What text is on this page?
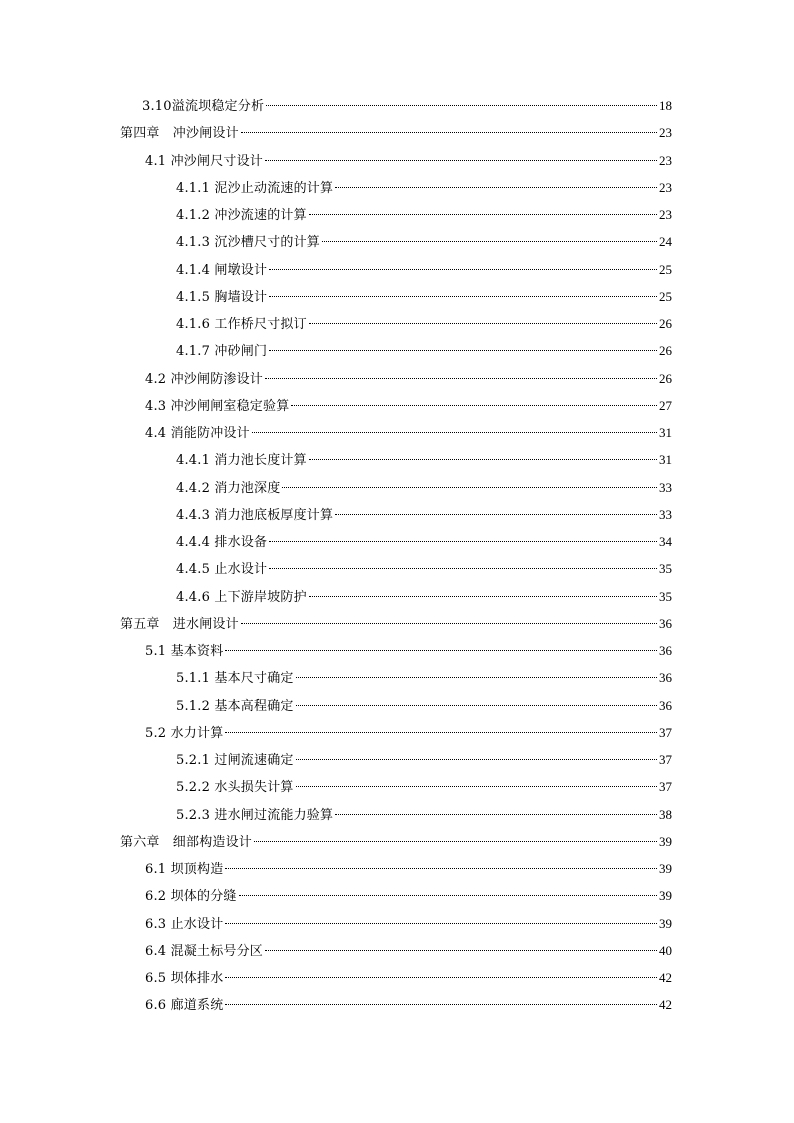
3.10溢流坝稳定分析	18
第四章　冲沙闸设计	23
4.1 冲沙闸尺寸设计	23
4.1.1 泥沙止动流速的计算	23
4.1.2 冲沙流速的计算	23
4.1.3 沉沙槽尺寸的计算	24
4.1.4 闸墩设计	25
4.1.5 胸墙设计	25
4.1.6 工作桥尺寸拟订	26
4.1.7 冲砂闸门	26
4.2 冲沙闸防渗设计	26
4.3 冲沙闸闸室稳定验算	27
4.4 消能防冲设计	31
4.4.1 消力池长度计算	31
4.4.2 消力池深度	33
4.4.3 消力池底板厚度计算	33
4.4.4 排水设备	34
4.4.5 止水设计	35
4.4.6 上下游岸坡防护	35
第五章　进水闸设计	36
5.1 基本资料	36
5.1.1 基本尺寸确定	36
5.1.2 基本高程确定	36
5.2 水力计算	37
5.2.1 过闸流速确定	37
5.2.2 水头损失计算	37
5.2.3 进水闸过流能力验算	38
第六章　细部构造设计	39
6.1 坝顶构造	39
6.2 坝体的分缝	39
6.3 止水设计	39
6.4 混凝土标号分区	40
6.5 坝体排水	42
6.6 廊道系统	42
